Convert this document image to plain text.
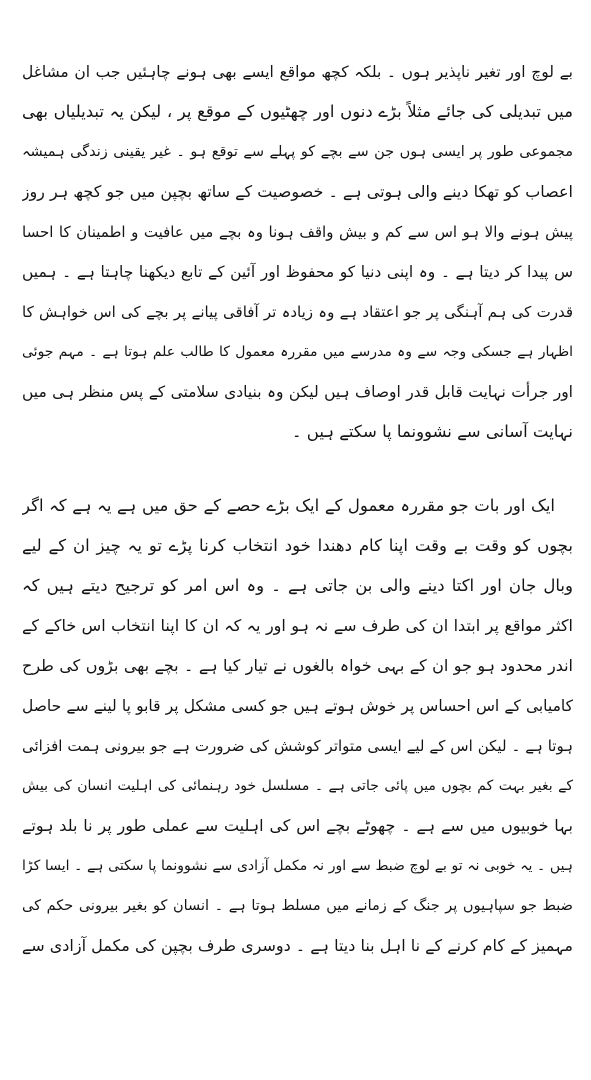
بے لوچ اور تغیر ناپذیر ہوں ۔ بلکہ کچھ مواقع ایسے بھی ہونے چاہئیں جب ان مشاغل
میں تبدیلی کی جائے مثلاً بڑے دنوں اور چھٹیوں کے موقع پر ، لیکن یہ تبدیلیاں بھی
مجموعی طور پر ایسی ہوں جن سے بچے کو پہلے سے توقع ہو ۔ غیر یقینی زندگی ہمیشہ
اعصاب کو تھکا دینے والی ہوتی ہے ۔ خصوصیت کے ساتھ بچپن میں جو کچھ ہر روز
پیش ہونے والا ہو اس سے کم و بیش واقف ہونا وہ بچے میں عافیت و اطمینان کا احسا
س پیدا کر دیتا ہے ۔ وہ اپنی دنیا کو محفوظ اور آئین کے تابع دیکھنا چاہتا ہے ۔ ہمیں
قدرت کی ہم آہنگی پر جو اعتقاد ہے وہ زیادہ تر آفاقی پیانے پر بچے کی اس خواہش کا
اظہار ہے جسکی وجہ سے وہ مدرسے میں مقررہ معمول کا طالب علم ہوتا ہے ۔ مہم جوئی
اور جرأت نہایت قابل قدر اوصاف ہیں لیکن وہ بنیادی سلامتی کے پس منظر ہی میں
نہایت آسانی سے نشوونما پا سکتے ہیں ۔
ایک اور بات جو مقررہ معمول کے ایک بڑے حصے کے حق میں ہے یہ ہے کہ اگر
بچوں کو وقت بے وقت اپنا کام دھندا خود انتخاب کرنا پڑے تو یہ چیز ان کے لیے
وبال جان اور اکتا دینے والی بن جاتی ہے ۔ وہ اس امر کو ترجیح دیتے ہیں کہ
اکثر مواقع پر ابتدا ان کی طرف سے نہ ہو اور یہ کہ ان کا اپنا انتخاب اس خاکے کے
اندر محدود ہو جو ان کے بہی خواہ بالغوں نے تیار کیا ہے ۔ بچے بھی بڑوں کی طرح
کامیابی کے اس احساس پر خوش ہوتے ہیں جو کسی مشکل پر قابو پا لینے سے حاصل
ہوتا ہے ۔ لیکن اس کے لیے ایسی متواتر کوشش کی ضرورت ہے جو بیرونی ہمت افزائی
کے بغیر بہت کم بچوں میں پائی جاتی ہے ۔ مسلسل خود رہنمائی کی اہلیت انسان کی بیش
بہا خوبیوں میں سے ہے ۔ چھوٹے بچے اس کی اہلیت سے عملی طور پر نا بلد ہوتے
ہیں ۔ یہ خوبی نہ تو بے لوچ ضبط سے اور نہ مکمل آزادی سے نشوونما پا سکتی ہے ۔ ایسا کڑا
ضبط جو سپاہیوں پر جنگ کے زمانے میں مسلط ہوتا ہے ۔ انسان کو بغیر بیرونی حکم کی
مہمیز کے کام کرنے کے نا اہل بنا دیتا ہے ۔ دوسری طرف بچپن کی مکمل آزادی سے
